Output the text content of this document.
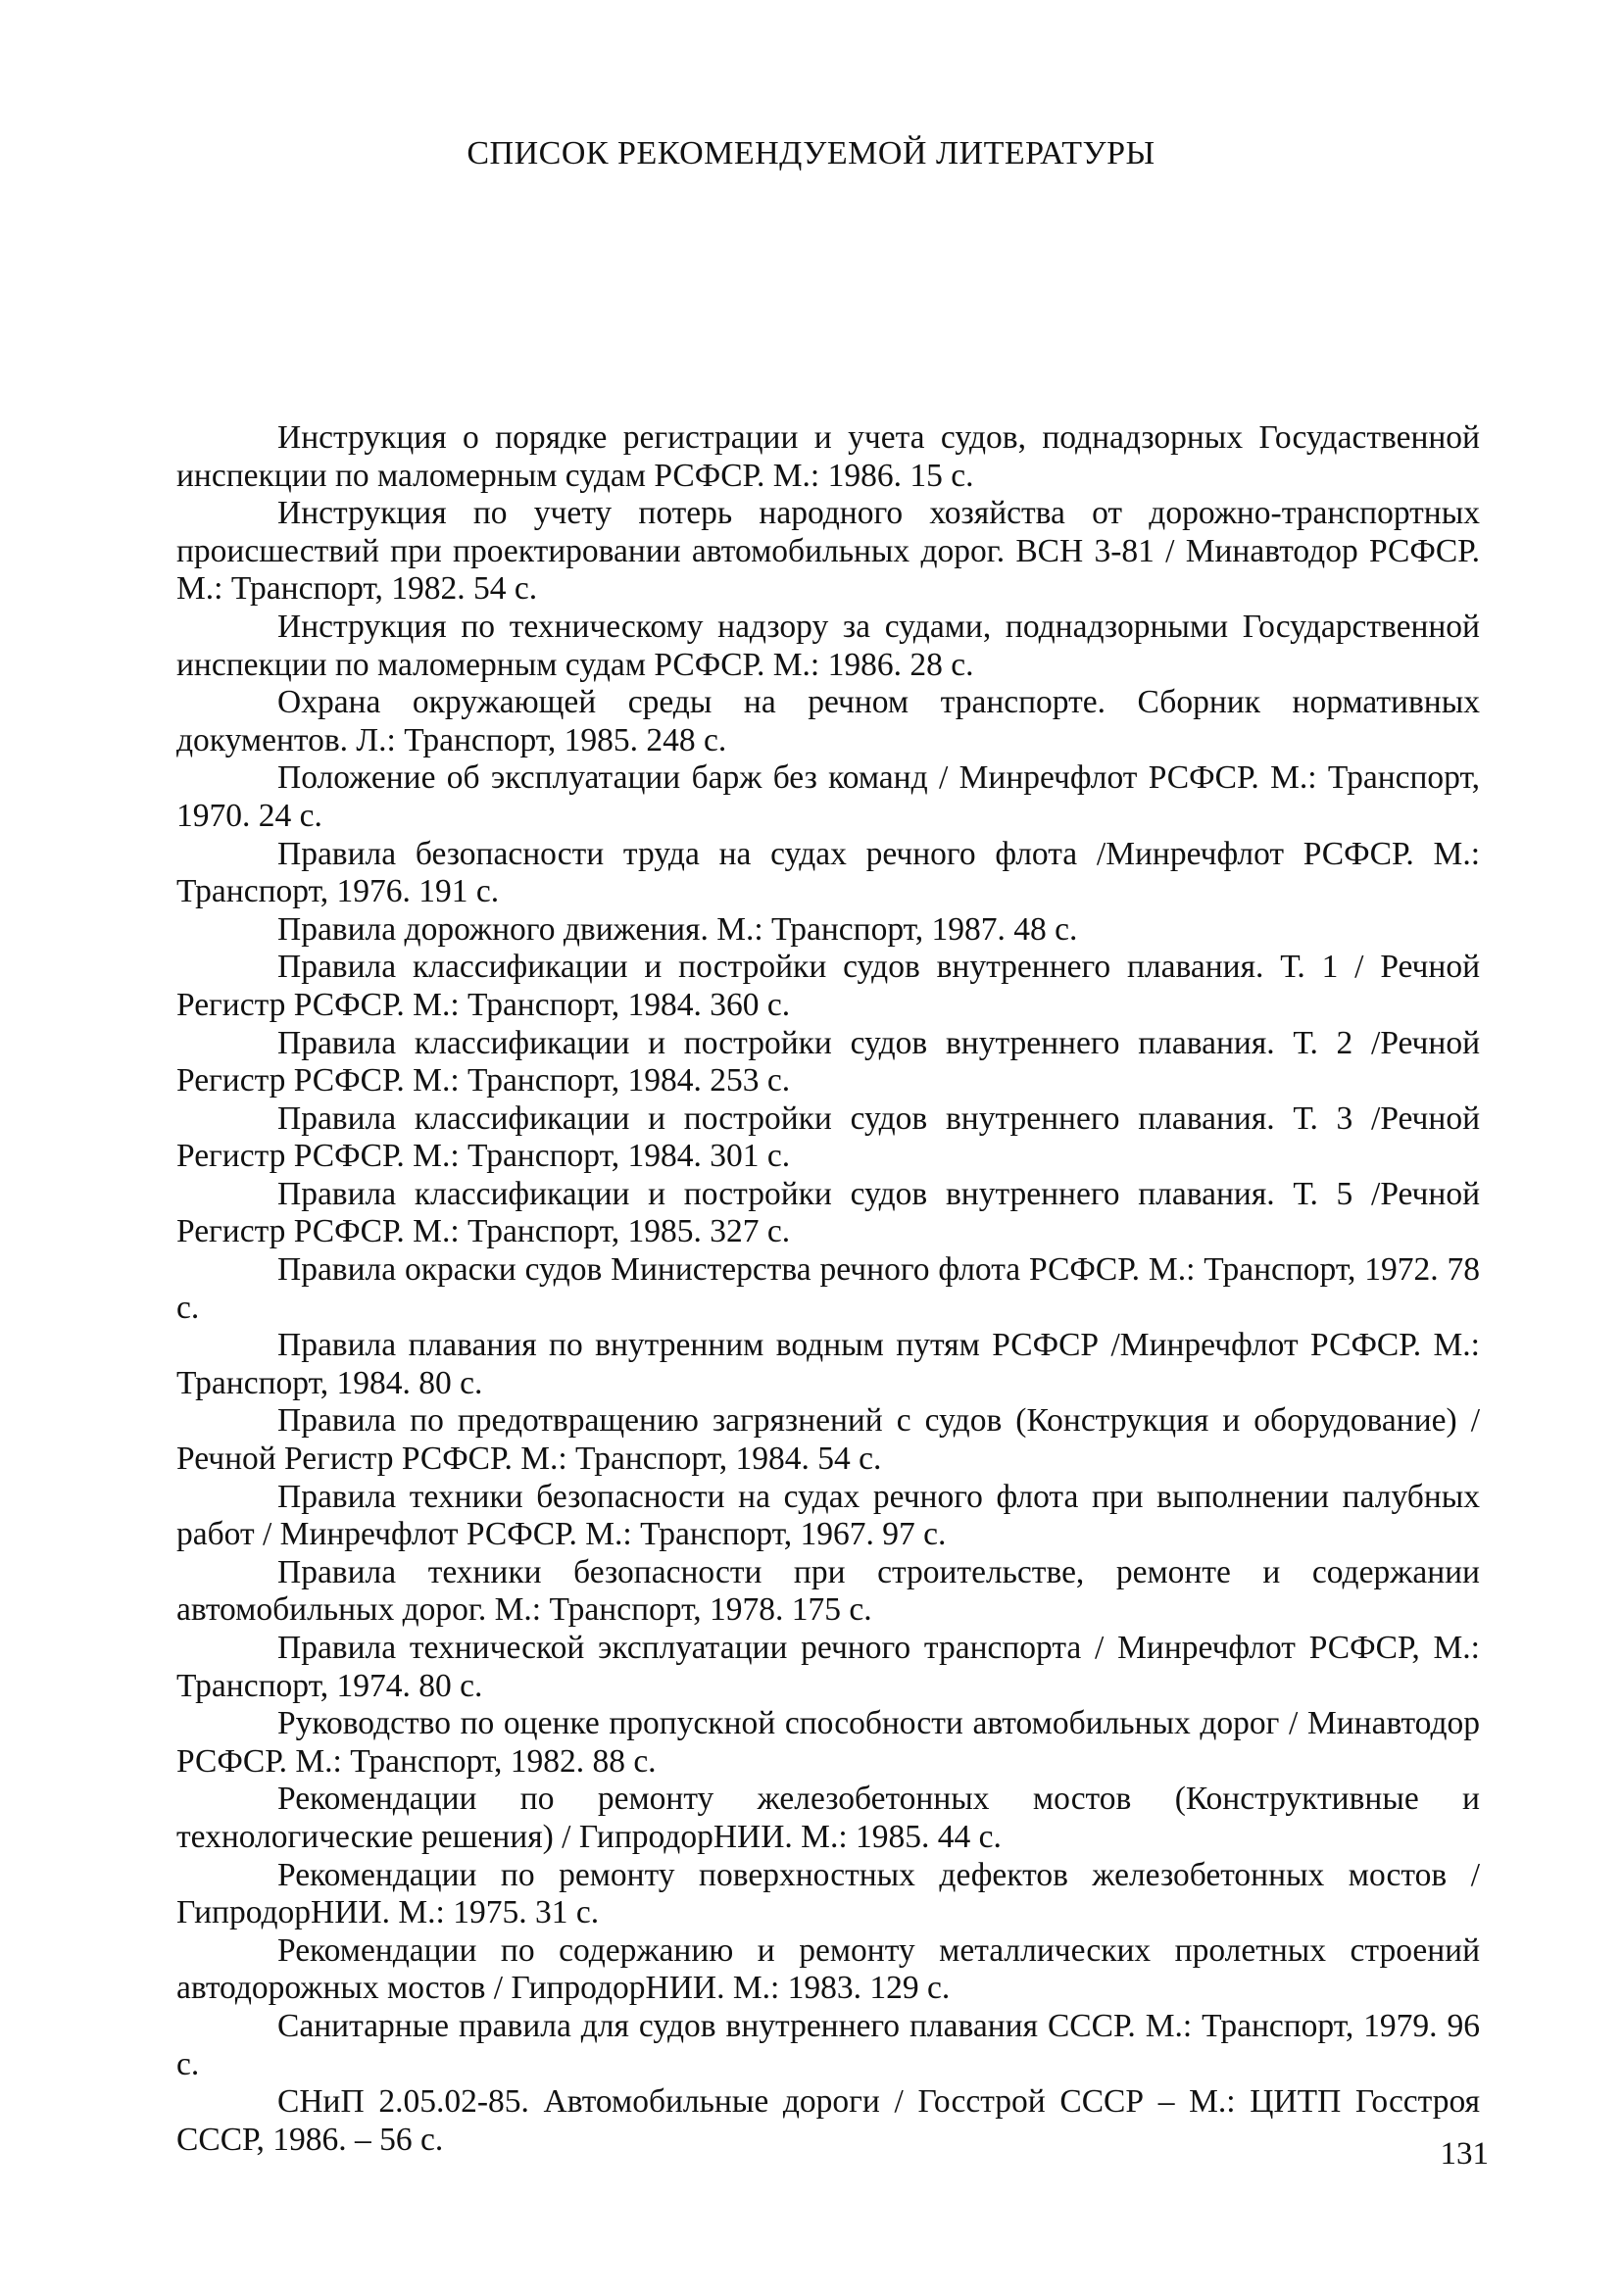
СПИСОК РЕКОМЕНДУЕМОЙ ЛИТЕРАТУРЫ

Инструкция о порядке регистрации и учета судов, поднадзорных Госудаственной инспекции по маломерным судам РСФСР. М.: 1986. 15 с.

Инструкция по учету потерь народного хозяйства от дорожно-транспортных происшествий при проектировании автомобильных дорог. ВСН 3-81 / Минавтодор РСФСР. М.: Транспорт, 1982. 54 с.

Инструкция по техническому надзору за судами, поднадзорными Государственной инспекции по маломерным судам РСФСР. М.: 1986. 28 с.

Охрана окружающей среды на речном транспорте. Сборник нормативных документов. Л.: Транспорт, 1985. 248 с.

Положение об эксплуатации барж без команд / Минречфлот РСФСР. М.: Транспорт, 1970. 24 с.

Правила безопасности труда на судах речного флота /Минречфлот РСФСР. М.: Транспорт, 1976. 191 с.

Правила дорожного движения. М.: Транспорт, 1987. 48 с.

Правила классификации и постройки судов внутреннего плавания. Т. 1 / Речной Регистр РСФСР. М.: Транспорт, 1984. 360 с.

Правила классификации и постройки судов внутреннего плавания. Т. 2 /Речной Регистр РСФСР. М.: Транспорт, 1984. 253 с.

Правила классификации и постройки судов внутреннего плавания. Т. 3 /Речной Регистр РСФСР. М.: Транспорт, 1984. 301 с.

Правила классификации и постройки судов внутреннего плавания. Т. 5 /Речной Регистр РСФСР. М.: Транспорт, 1985. 327 с.

Правила окраски судов Министерства речного флота РСФСР. М.: Транспорт, 1972. 78 с.

Правила плавания по внутренним водным путям РСФСР /Минречфлот РСФСР. М.: Транспорт, 1984. 80 с.

Правила по предотвращению загрязнений с судов (Конструкция и оборудование) / Речной Регистр РСФСР. М.: Транспорт, 1984. 54 с.

Правила техники безопасности на судах речного флота при выполнении палубных работ / Минречфлот РСФСР. М.: Транспорт, 1967. 97 с.

Правила техники безопасности при строительстве, ремонте и содержании автомобильных дорог. М.: Транспорт, 1978. 175 с.

Правила технической эксплуатации речного транспорта / Минречфлот РСФСР, М.: Транспорт, 1974. 80 с.

Руководство по оценке пропускной способности автомобильных дорог / Минавтодор РСФСР. М.: Транспорт, 1982. 88 с.

Рекомендации по ремонту железобетонных мостов (Конструктивные и технологические решения) / ГипродорНИИ. М.: 1985. 44 с.

Рекомендации по ремонту поверхностных дефектов железобетонных мостов / ГипродорНИИ. М.: 1975. 31 с.

Рекомендации по содержанию и ремонту металлических пролетных строений автодорожных мостов / ГипродорНИИ. М.: 1983. 129 с.

Санитарные правила для судов внутреннего плавания СССР. М.: Транспорт, 1979. 96 с.

СНиП 2.05.02-85. Автомобильные дороги / Госстрой СССР – М.: ЦИТП Госстроя СССР, 1986. – 56 с.	131
